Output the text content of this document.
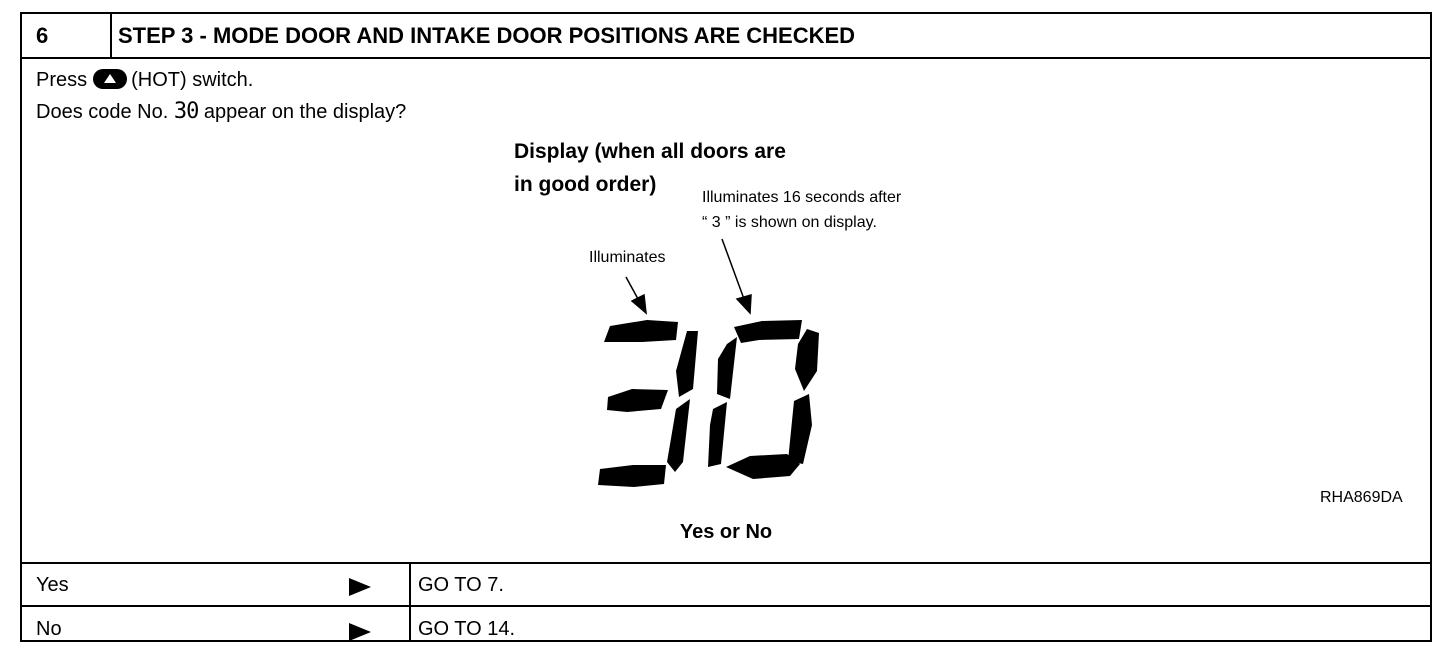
6	STEP 3 - MODE DOOR AND INTAKE DOOR POSITIONS ARE CHECKED
Press (HOT) switch.
Does code No. 30 appear on the display?
Display (when all doors are
in good order)
Illuminates 16 seconds after
“ 3 ” is shown on display.
Illuminates
RHA869DA
Yes or No
Yes	GO TO 7.
No	GO TO 14.
